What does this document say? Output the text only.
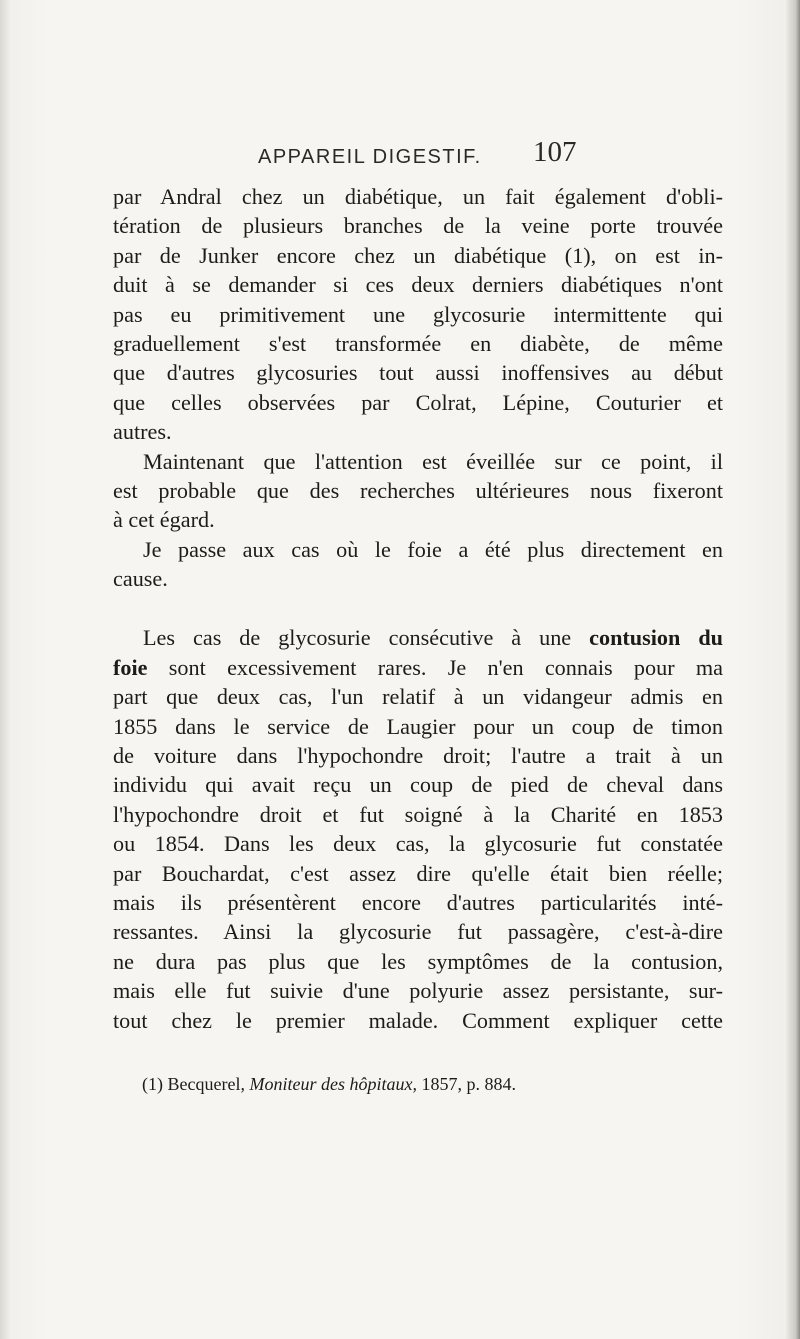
APPAREIL DIGESTIF. 107
par Andral chez un diabétique, un fait également d'obli-
tération de plusieurs branches de la veine porte trouvée
par de Junker encore chez un diabétique (1), on est in-
duit à se demander si ces deux derniers diabétiques n'ont
pas eu primitivement une glycosurie intermittente qui
graduellement s'est transformée en diabète, de même
que d'autres glycosuries tout aussi inoffensives au début
que celles observées par Colrat, Lépine, Couturier et
autres.
Maintenant que l'attention est éveillée sur ce point, il
est probable que des recherches ultérieures nous fixeront
à cet égard.
Je passe aux cas où le foie a été plus directement en
cause.
Les cas de glycosurie consécutive à une contusion du
foie sont excessivement rares. Je n'en connais pour ma
part que deux cas, l'un relatif à un vidangeur admis en
1855 dans le service de Laugier pour un coup de timon
de voiture dans l'hypochondre droit; l'autre a trait à un
individu qui avait reçu un coup de pied de cheval dans
l'hypochondre droit et fut soigné à la Charité en 1853
ou 1854. Dans les deux cas, la glycosurie fut constatée
par Bouchardat, c'est assez dire qu'elle était bien réelle;
mais ils présentèrent encore d'autres particularités inté-
ressantes. Ainsi la glycosurie fut passagère, c'est-à-dire
ne dura pas plus que les symptômes de la contusion,
mais elle fut suivie d'une polyurie assez persistante, sur-
tout chez le premier malade. Comment expliquer cette
(1) Becquerel, Moniteur des hôpitaux, 1857, p. 884.
